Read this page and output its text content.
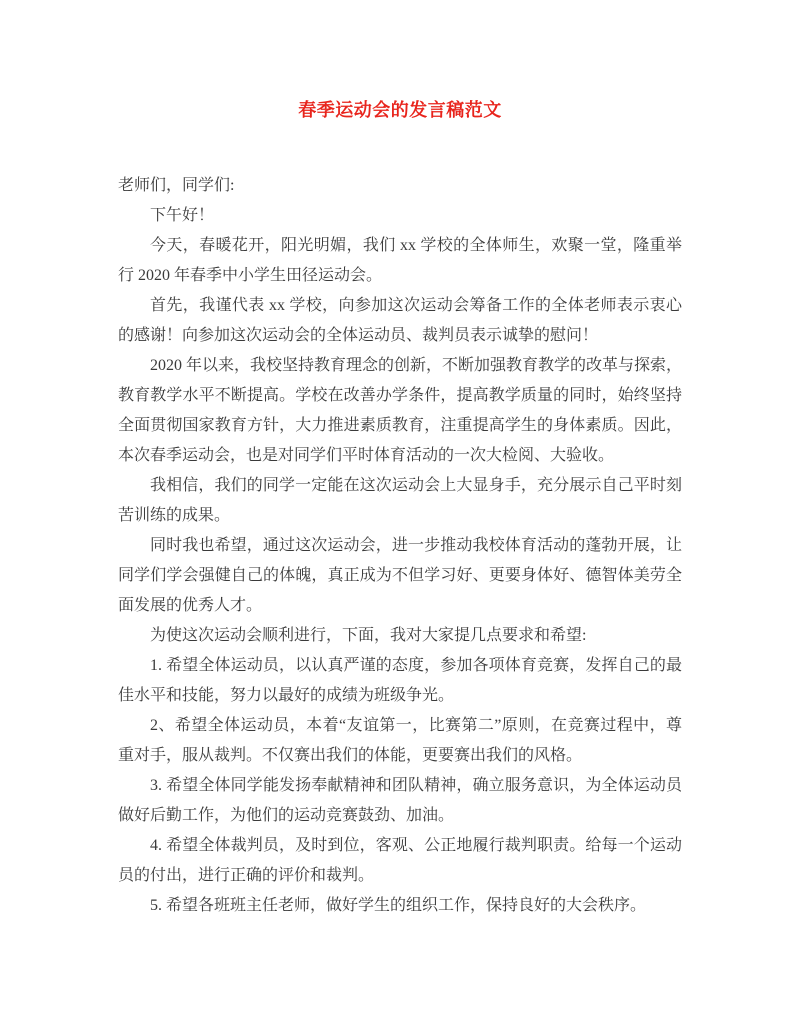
春季运动会的发言稿范文

老师们，同学们:

下午好！

今天，春暖花开，阳光明媚，我们 xx 学校的全体师生，欢聚一堂，隆重举行 2020 年春季中小学生田径运动会。

首先，我谨代表 xx 学校，向参加这次运动会筹备工作的全体老师表示衷心的感谢！向参加这次运动会的全体运动员、裁判员表示诚挚的慰问！

2020 年以来，我校坚持教育理念的创新，不断加强教育教学的改革与探索，教育教学水平不断提高。学校在改善办学条件，提高教学质量的同时，始终坚持全面贯彻国家教育方针，大力推进素质教育，注重提高学生的身体素质。因此，本次春季运动会，也是对同学们平时体育活动的一次大检阅、大验收。

我相信，我们的同学一定能在这次运动会上大显身手，充分展示自己平时刻苦训练的成果。

同时我也希望，通过这次运动会，进一步推动我校体育活动的蓬勃开展，让同学们学会强健自己的体魄，真正成为不但学习好、更要身体好、德智体美劳全面发展的优秀人才。

为使这次运动会顺利进行，下面，我对大家提几点要求和希望:

1. 希望全体运动员，以认真严谨的态度，参加各项体育竞赛，发挥自己的最佳水平和技能，努力以最好的成绩为班级争光。

2、希望全体运动员，本着“友谊第一，比赛第二”原则，在竞赛过程中，尊重对手，服从裁判。不仅赛出我们的体能，更要赛出我们的风格。

3. 希望全体同学能发扬奉献精神和团队精神，确立服务意识，为全体运动员做好后勤工作，为他们的运动竞赛鼓劲、加油。

4. 希望全体裁判员，及时到位，客观、公正地履行裁判职责。给每一个运动员的付出，进行正确的评价和裁判。

5. 希望各班班主任老师，做好学生的组织工作，保持良好的大会秩序。
